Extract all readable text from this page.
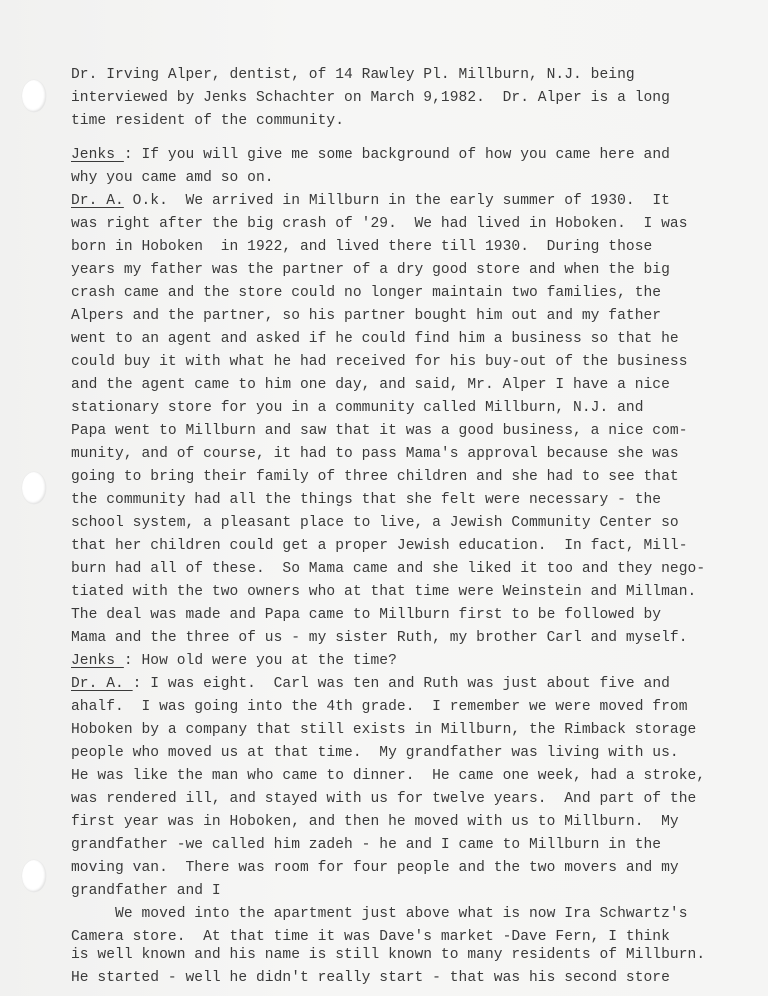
Dr. Irving Alper, dentist, of 14 Rawley Pl. Millburn, N.J. being
interviewed by Jenks Schachter on March 9,1982.  Dr. Alper is a long
time resident of the community.
Jenks : If you will give me some background of how you came here and
why you came amd so on.
Dr. A. O.k.  We arrived in Millburn in the early summer of 1930.  It
was right after the big crash of '29.  We had lived in Hoboken.  I was
born in Hoboken  in 1922, and lived there till 1930.  During those
years my father was the partner of a dry good store and when the big
crash came and the store could no longer maintain two families, the
Alpers and the partner, so his partner bought him out and my father
went to an agent and asked if he could find him a business so that he
could buy it with what he had received for his buy-out of the business
and the agent came to him one day, and said, Mr. Alper I have a nice
stationary store for you in a community called Millburn, N.J. and
Papa went to Millburn and saw that it was a good business, a nice com-
munity, and of course, it had to pass Mama's approval because she was
going to bring their family of three children and she had to see that
the community had all the things that she felt were necessary - the
school system, a pleasant place to live, a Jewish Community Center so
that her children could get a proper Jewish education.  In fact, Mill-
burn had all of these.  So Mama came and she liked it too and they nego-
tiated with the two owners who at that time were Weinstein and Millman.
The deal was made and Papa came to Millburn first to be followed by
Mama and the three of us - my sister Ruth, my brother Carl and myself.
Jenks : How old were you at the time?
Dr. A. : I was eight.  Carl was ten and Ruth was just about five and
ahalf.  I was going into the 4th grade.  I remember we were moved from
Hoboken by a company that still exists in Millburn, the Rimback storage
people who moved us at that time.  My grandfather was living with us.
He was like the man who came to dinner.  He came one week, had a stroke,
was rendered ill, and stayed with us for twelve years.  And part of the
first year was in Hoboken, and then he moved with us to Millburn.  My
grandfather -we called him zadeh - he and I came to Millburn in the
moving van.  There was room for four people and the two movers and my
grandfather and I
We moved into the apartment just above what is now Ira Schwartz's
Camera store.  At that time it was Dave's market -Dave Fern, I think
is well known and his name is still known to many residents of Millburn.
He started - well he didn't really start - that was his second store
